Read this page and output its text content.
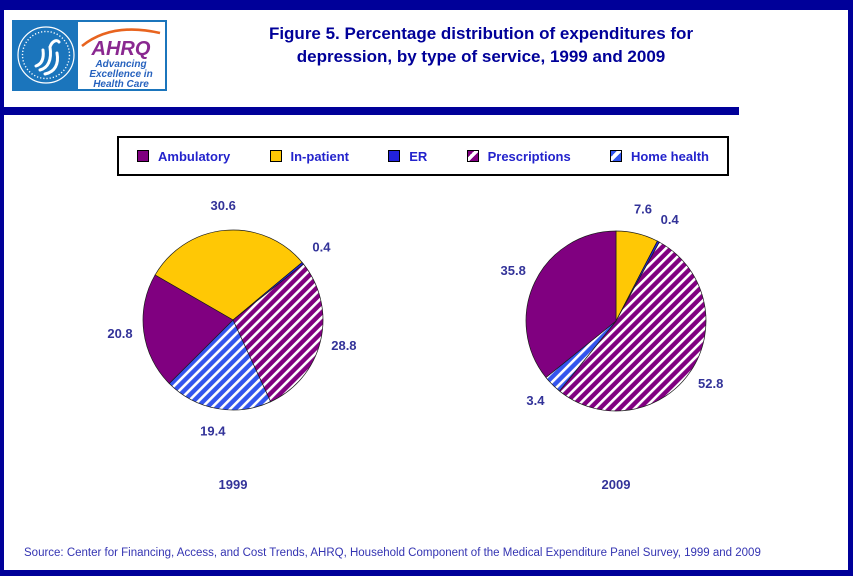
AHRQ
Advancing
Excellence in
Health Care
Figure 5. Percentage distribution of expenditures for
depression, by type of service, 1999 and 2009
Ambulatory	In-patient	ER	Prescriptions	Home health
30.6
0.4
28.8
19.4
20.8
7.6
0.4
52.8
3.4
35.8
1999	2009
Source: Center for Financing, Access, and Cost Trends, AHRQ, Household Component of the Medical Expenditure Panel Survey, 1999 and 2009
